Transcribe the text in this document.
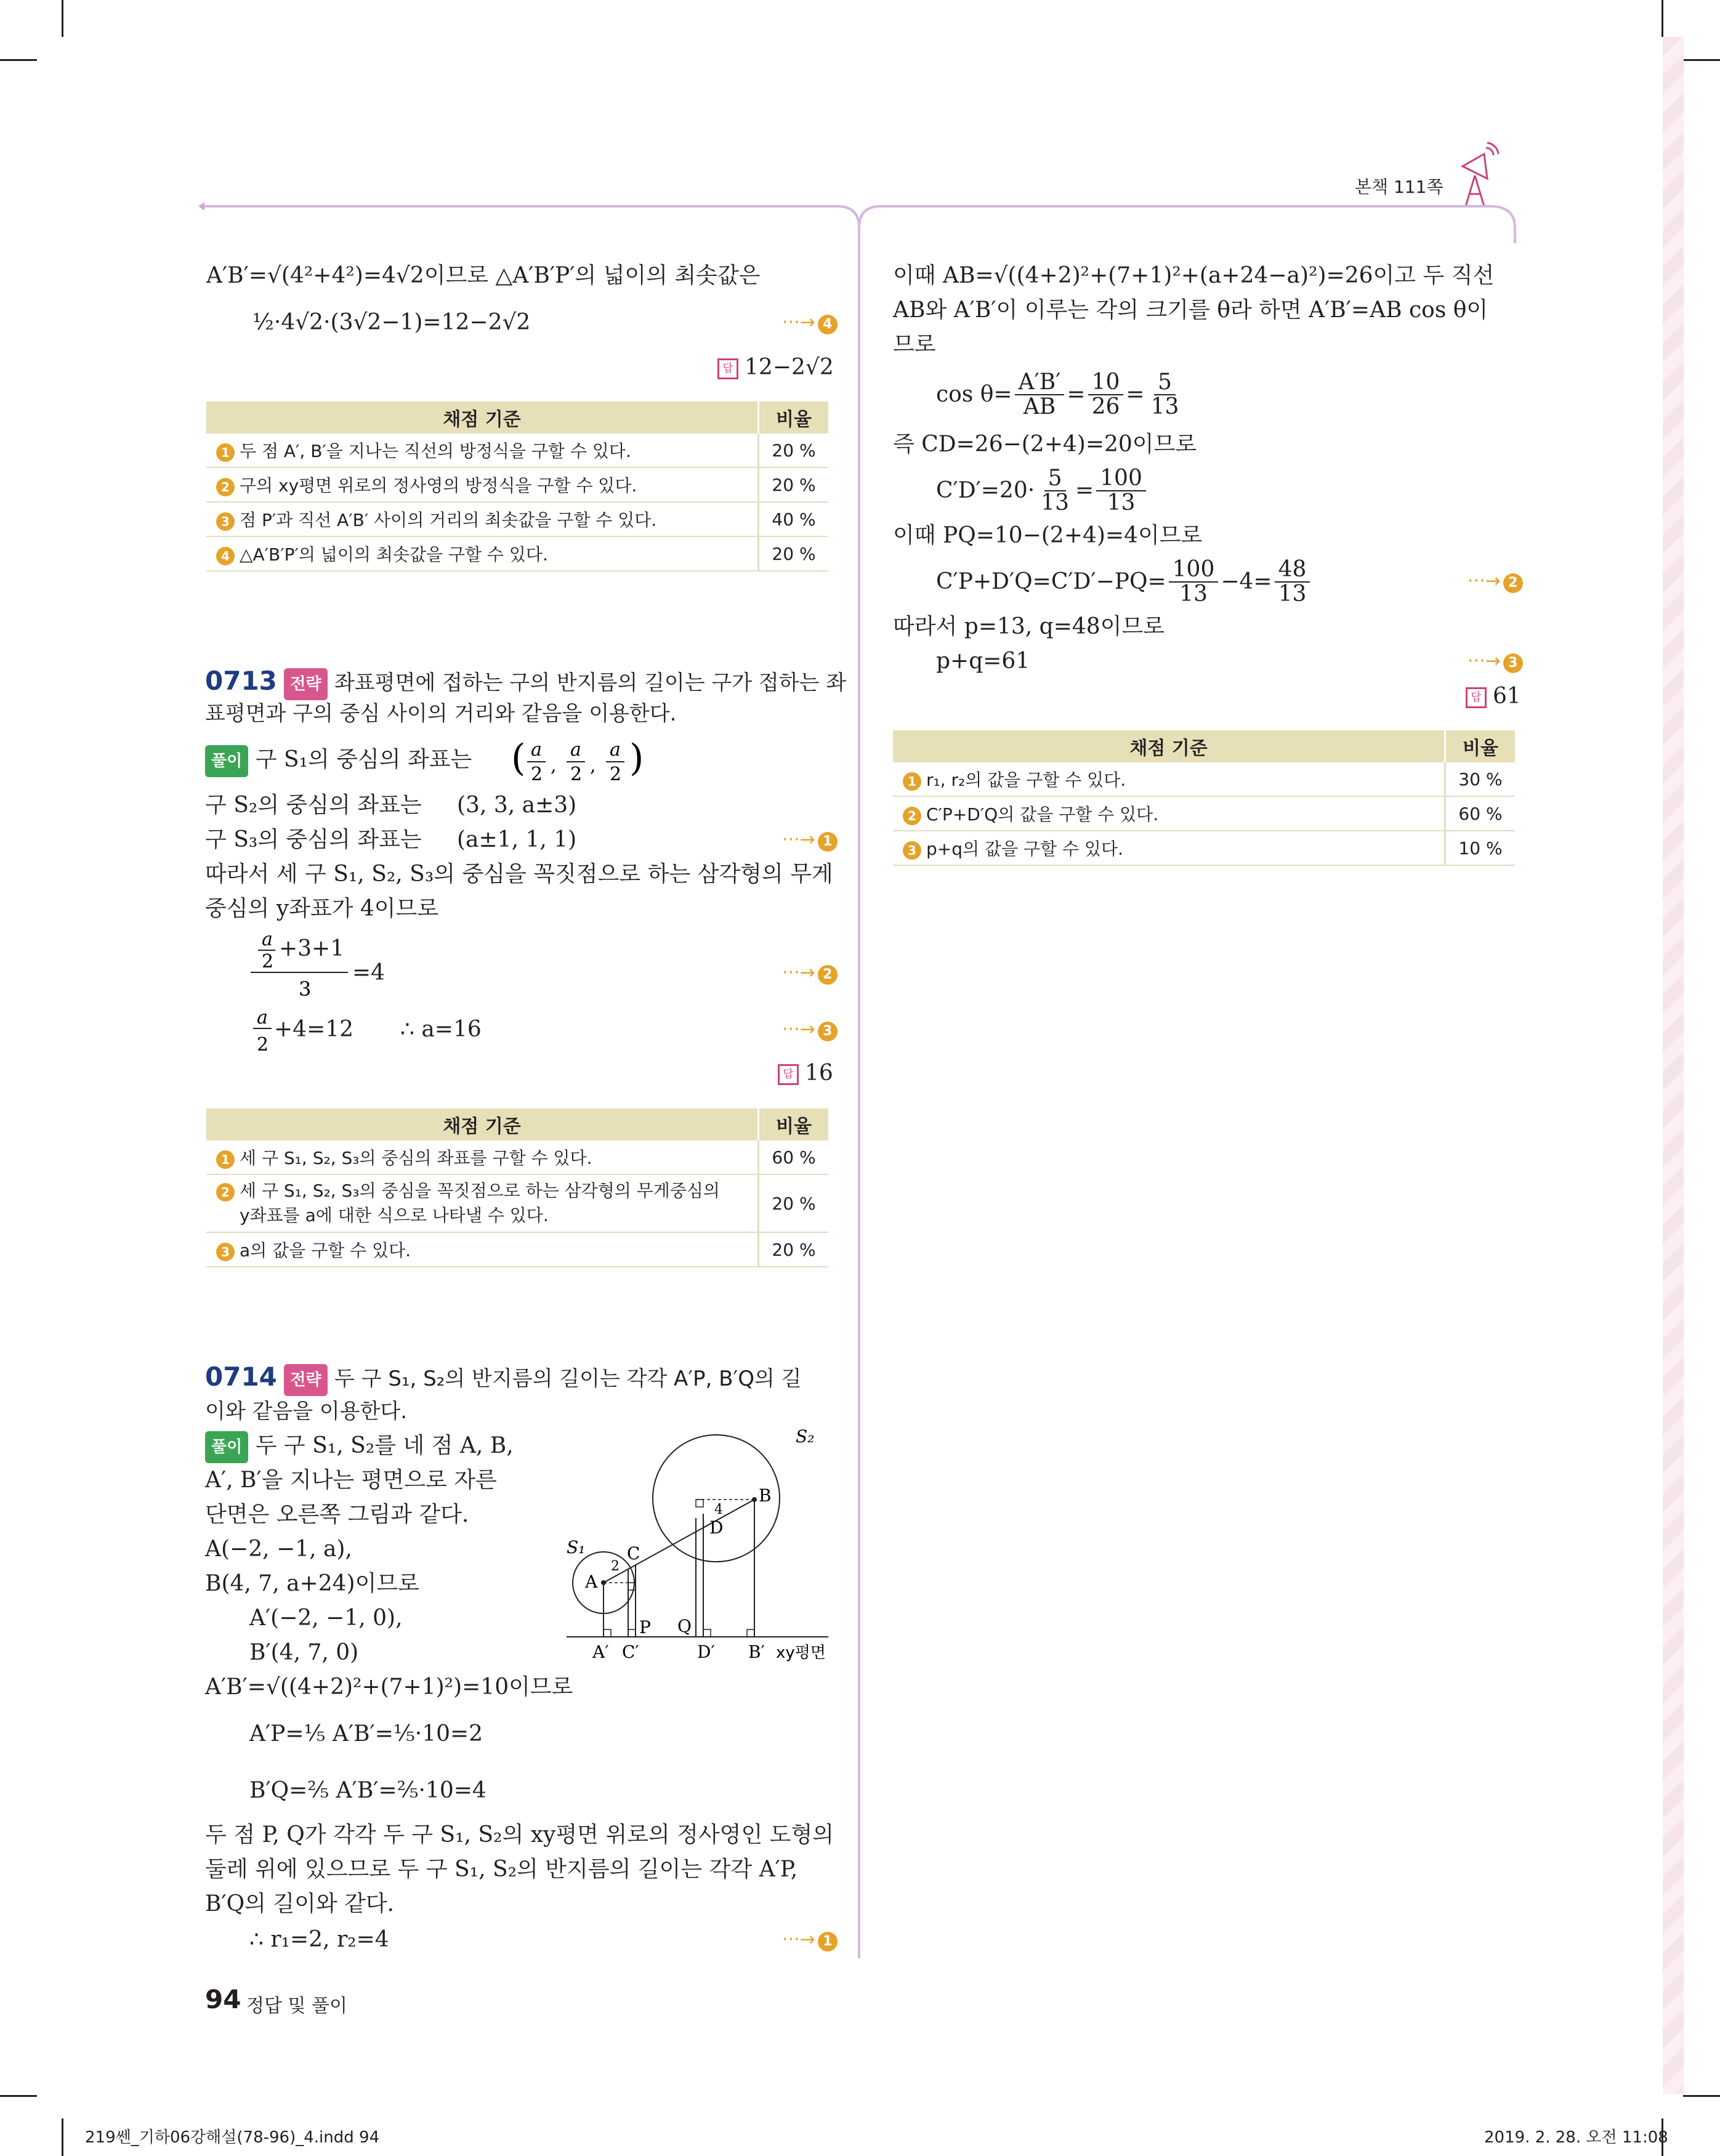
본책 111쪽
A′B′=√(4²+4²)=4√2이므로 △A′B′P′의 넓이의 최솟값은
½·4√2·(3√2−1)=12−2√2	···→ 4
답 12−2√2
채점 기준	비율
1 두 점 A′, B′을 지나는 직선의 방정식을 구할 수 있다.	20 %
2 구의 xy평면 위로의 정사영의 방정식을 구할 수 있다.	20 %
3 점 P′과 직선 A′B′ 사이의 거리의 최솟값을 구할 수 있다.	40 %
4 △A′B′P′의 넓이의 최솟값을 구할 수 있다.	20 %
0713 전략 좌표평면에 접하는 구의 반지름의 길이는 구가 접하는 좌
표평면과 구의 중심 사이의 거리와 같음을 이용한다.
풀이 구 S₁의 중심의 좌표는 ( a
2 ,
a
2 ,
a
2 )
구 S₂의 중심의 좌표는 (3, 3, a±3)
구 S₃의 중심의 좌표는 (a±1, 1, 1)	···→ 1
따라서 세 구 S₁, S₂, S₃의 중심을 꼭짓점으로 하는 삼각형의 무게
중심의 y좌표가 4이므로
a
2
3
+3+1
=4	···→ 2
a
2
+4=12 ∴ a=16	···→ 3
답 16
채점 기준	비율
1 세 구 S₁, S₂, S₃의 중심의 좌표를 구할 수 있다.	60 %
2 세 구 S₁, S₂, S₃의 중심을 꼭짓점으로 하는 삼각형의 무게중심의
y좌표를 a에 대한 식으로 나타낼 수 있다.	20 %
3 a의 값을 구할 수 있다.	20 %
0714 전략 두 구 S₁, S₂의 반지름의 길이는 각각 A′P, B′Q의 길
이와 같음을 이용한다.
풀이 두 구 S₁, S₂를 네 점 A, B,
A′, B′을 지나는 평면으로 자른
단면은 오른쪽 그림과 같다.
A(−2, −1, a),
B(4, 7, a+24)이므로
A′(−2, −1, 0),
B′(4, 7, 0)
A′B′=√((4+2)²+(7+1)²)=10이므로
A′P=⅕ A′B′=⅕·10=2
B′Q=⅖ A′B′=⅖·10=4
두 점 P, Q가 각각 두 구 S₁, S₂의 xy평면 위로의 정사영인 도형의
둘레 위에 있으므로 두 구 S₁, S₂의 반지름의 길이는 각각 A′P,
B′Q의 길이와 같다.
∴ r₁=2, r₂=4	···→ 1
S₁
S₂
A
B
C
D
P Q
A′ C′	D′ B′ xy평면
2
4
이때 AB=√((4+2)²+(7+1)²+(a+24−a)²)=26이고 두 직선
AB와 A′B′이 이루는 각의 크기를 θ라 하면 A′B′=AB cos θ이
므로
$\cos \theta= \frac{A'B'}{AB} = \frac{10}{26} = \frac{5}{13}$
즉 CD=26−(2+4)=20이므로
$C'D'=20\cdot \frac{5}{13} = \frac{100}{13}$
이때 PQ=10−(2+4)=4이므로
$C'P+D'Q=C'D'-PQ= \frac{100}{13} -4= \frac{48}{13}$	···→ 2
따라서 p=13, q=48이므로
p+q=61	···→ 3
답 61
채점 기준	비율
1 r₁, r₂의 값을 구할 수 있다.	30 %
2 C′P+D′Q의 값을 구할 수 있다.	60 %
3 p+q의 값을 구할 수 있다.	10 %
94 정답 및 풀이
219쎈_기하06강해설(78-96)_4.indd 94	2019. 2. 28. 오전 11:08
